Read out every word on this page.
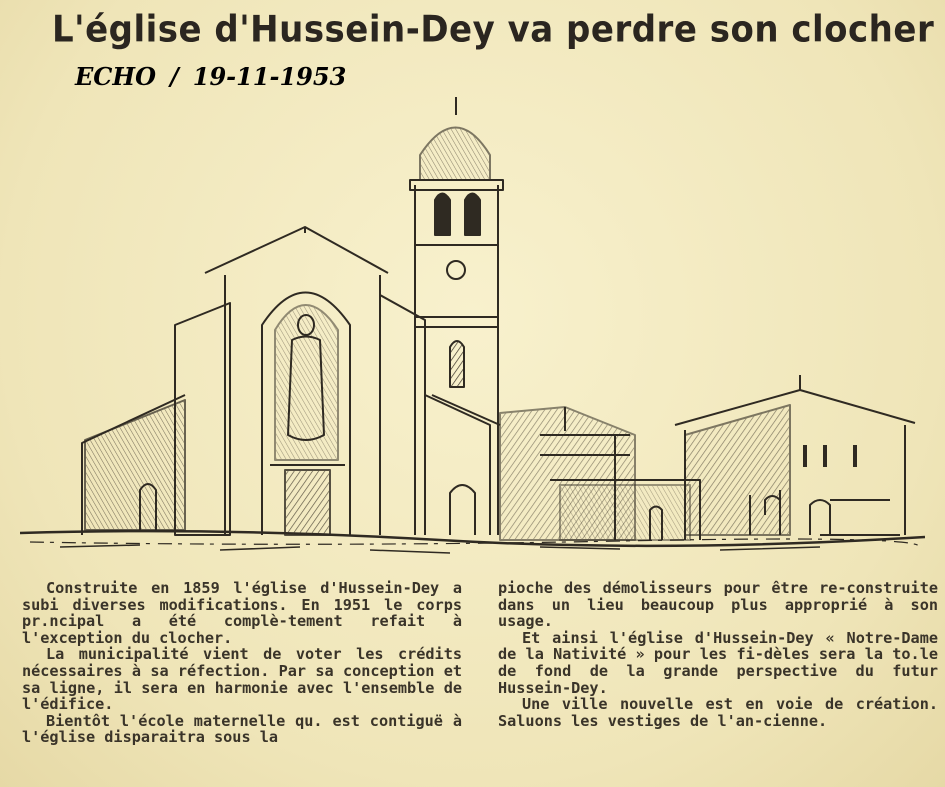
L'église d'Hussein-Dey va perdre son clocher
ECHO / 19-11-1953

Construite en 1859 l'église d'Hussein-Dey a subi diverses modifications. En 1951 le corps pr.ncipal a été complè-tement refait à l'exception du clocher.

La municipalité vient de voter les crédits nécessaires à sa réfection. Par sa conception et sa ligne, il sera en harmonie avec l'ensemble de l'édifice.

Bientôt l'école maternelle qu. est contiguë à l'église disparaitra sous la

pioche des démolisseurs pour être re-construite dans un lieu beaucoup plus approprié à son usage.

Et ainsi l'église d'Hussein-Dey « Notre-Dame de la Nativité » pour les fi-dèles sera la to.le de fond de la grande perspective du futur Hussein-Dey.

Une ville nouvelle est en voie de création. Saluons les vestiges de l'an-cienne.
